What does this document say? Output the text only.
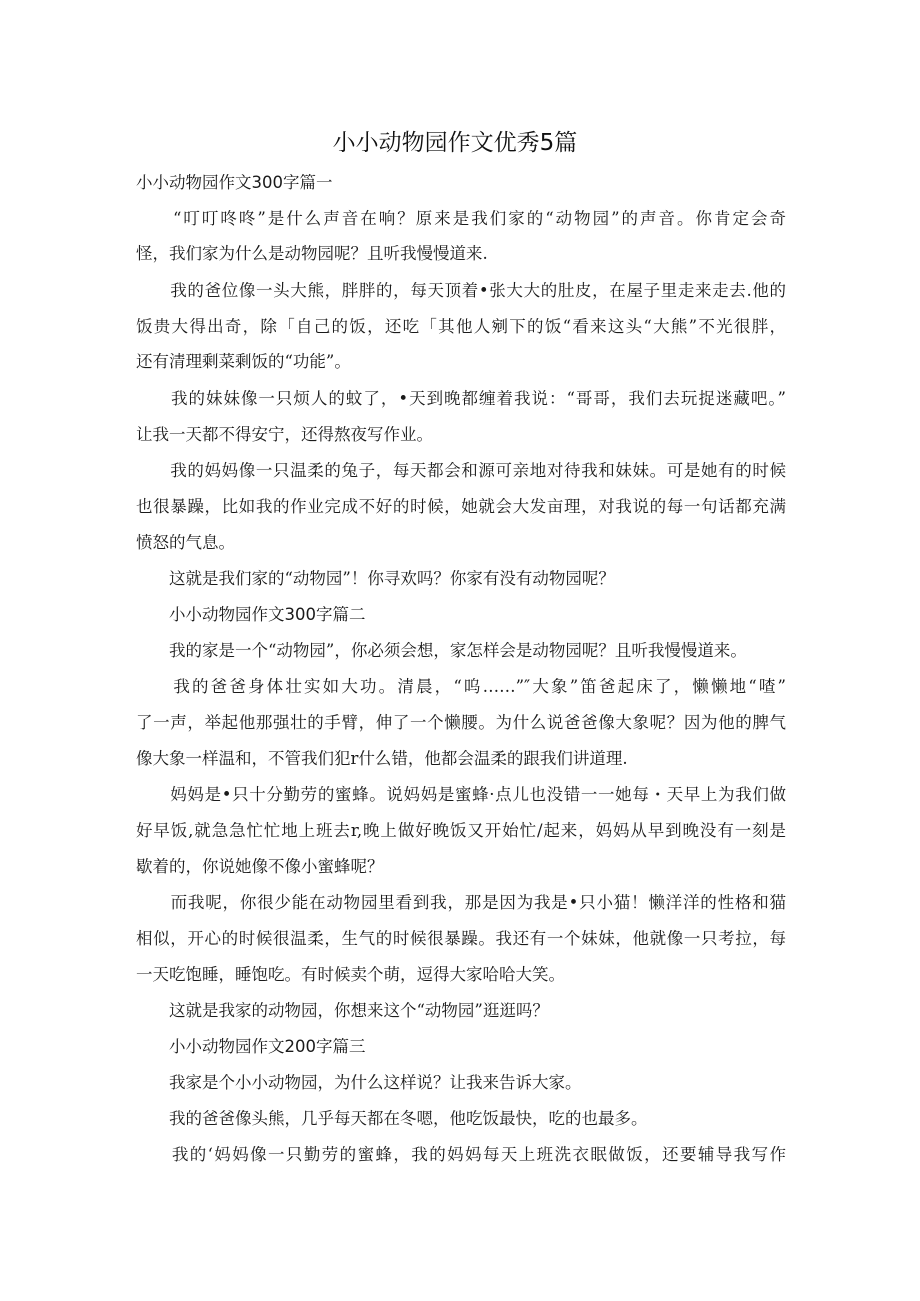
小小动物园作文优秀5篇
小小动物园作文300字篇一
　　“叮叮咚咚”是什么声音在响？原来是我们家的“动物园”的声音。你肯定会奇
怪，我们家为什么是动物园呢？且听我慢慢道来.
　　我的爸位像一头大熊，胖胖的，每天顶着•张大大的肚皮，在屋子里走来走去.他的
饭贵大得出奇，除「自己的饭，还吃「其他人剜下的饭“看来这头“大熊”不光很胖，
还有清理剩菜剩饭的“功能”。
　　我的妹妹像一只烦人的蚊了，•天到晚都缠着我说：“哥哥，我们去玩捉迷藏吧。”
让我一天都不得安宁，还得熬夜写作业。
　　我的妈妈像一只温柔的兔子，每天都会和源可亲地对待我和妹妹。可是她有的时候
也很暴躁，比如我的作业完成不好的时候，她就会大发亩理，对我说的每一句话都充满
愤怒的气息。
　　这就是我们家的“动物园”！你寻欢吗？你家有没有动物园呢？
　　小小动物园作文300字篇二
　　我的家是一个“动物园”，你必须会想，家怎样会是动物园呢？且听我慢慢道来。
　　我的爸爸身体壮实如大功。清晨，“呜……”″大象”笛爸起床了，懒懒地“喳”
了一声，举起他那强壮的手臂，伸了一个懒腰。为什么说爸爸像大象呢？因为他的脾气
像大象一样温和，不管我们犯r什么错，他都会温柔的跟我们讲道理.
　　妈妈是•只十分勤劳的蜜蜂。说妈妈是蜜蜂·点儿也没错一一她每・天早上为我们做
好早饭,就急急忙忙地上班去r,晚上做好晚饭又开始忙/起来，妈妈从早到晚没有一刻是
歇着的，你说她像不像小蜜蜂呢？
　　而我呢，你很少能在动物园里看到我，那是因为我是•只小猫！懒洋洋的性格和猫
相似，开心的时候很温柔，生气的时候很暴躁。我还有一个妹妹，他就像一只考拉，每
一天吃饱睡，睡饱吃。有时候卖个萌，逗得大家哈哈大笑。
　　这就是我家的动物园，你想来这个“动物园”逛逛吗？
　　小小动物园作文200字篇三
　　我家是个小小动物园，为什么这样说？让我来告诉大家。
　　我的爸爸像头熊，几乎每天都在冬嗯，他吃饭最快，吃的也最多。
　　我的‘妈妈像一只勤劳的蜜蜂，我的妈妈每天上班洗衣眠做饭，还要辅导我写作
